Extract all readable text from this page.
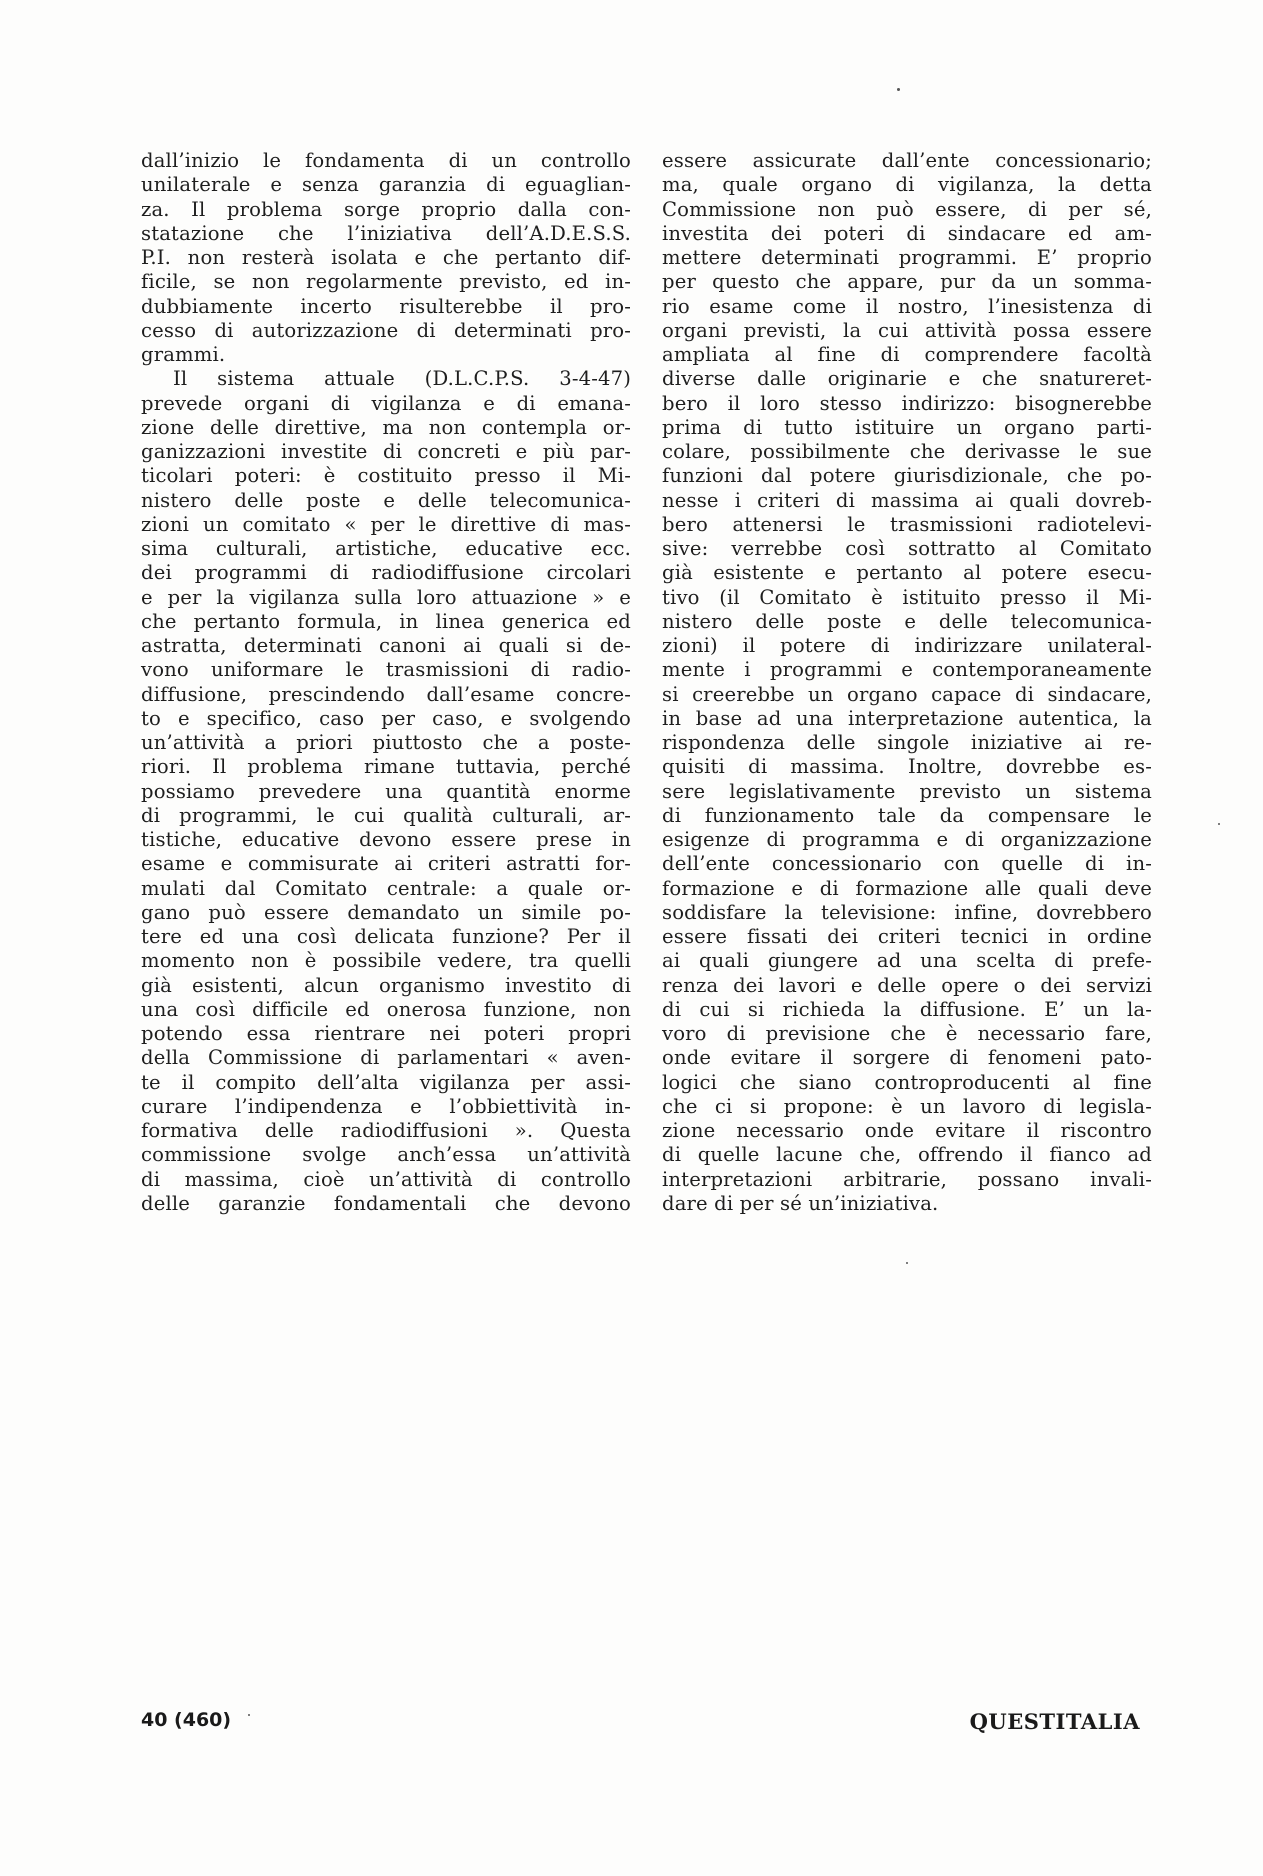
dall’inizio le fondamenta di un controllo
unilaterale e senza garanzia di eguaglian-
za. Il problema sorge proprio dalla con-
statazione che l’iniziativa dell’A.D.E.S.S.
P.I. non resterà isolata e che pertanto dif-
ficile, se non regolarmente previsto, ed in-
dubbiamente incerto risulterebbe il pro-
cesso di autorizzazione di determinati pro-
grammi.
Il sistema attuale (D.L.C.P.S. 3-4-47)
prevede organi di vigilanza e di emana-
zione delle direttive, ma non contempla or-
ganizzazioni investite di concreti e più par-
ticolari poteri: è costituito presso il Mi-
nistero delle poste e delle telecomunica-
zioni un comitato « per le direttive di mas-
sima culturali, artistiche, educative ecc.
dei programmi di radiodiffusione circolari
e per la vigilanza sulla loro attuazione » e
che pertanto formula, in linea generica ed
astratta, determinati canoni ai quali si de-
vono uniformare le trasmissioni di radio-
diffusione, prescindendo dall’esame concre-
to e specifico, caso per caso, e svolgendo
un’attività a priori piuttosto che a poste-
riori. Il problema rimane tuttavia, perché
possiamo prevedere una quantità enorme
di programmi, le cui qualità culturali, ar-
tistiche, educative devono essere prese in
esame e commisurate ai criteri astratti for-
mulati dal Comitato centrale: a quale or-
gano può essere demandato un simile po-
tere ed una così delicata funzione? Per il
momento non è possibile vedere, tra quelli
già esistenti, alcun organismo investito di
una così difficile ed onerosa funzione, non
potendo essa rientrare nei poteri propri
della Commissione di parlamentari « aven-
te il compito dell’alta vigilanza per assi-
curare l’indipendenza e l’obbiettività in-
formativa delle radiodiffusioni ». Questa
commissione svolge anch’essa un’attività
di massima, cioè un’attività di controllo
delle garanzie fondamentali che devono
essere assicurate dall’ente concessionario;
ma, quale organo di vigilanza, la detta
Commissione non può essere, di per sé,
investita dei poteri di sindacare ed am-
mettere determinati programmi. E’ proprio
per questo che appare, pur da un somma-
rio esame come il nostro, l’inesistenza di
organi previsti, la cui attività possa essere
ampliata al fine di comprendere facoltà
diverse dalle originarie e che snatureret-
bero il loro stesso indirizzo: bisognerebbe
prima di tutto istituire un organo parti-
colare, possibilmente che derivasse le sue
funzioni dal potere giurisdizionale, che po-
nesse i criteri di massima ai quali dovreb-
bero attenersi le trasmissioni radiotelevi-
sive: verrebbe così sottratto al Comitato
già esistente e pertanto al potere esecu-
tivo (il Comitato è istituito presso il Mi-
nistero delle poste e delle telecomunica-
zioni) il potere di indirizzare unilateral-
mente i programmi e contemporaneamente
si creerebbe un organo capace di sindacare,
in base ad una interpretazione autentica, la
rispondenza delle singole iniziative ai re-
quisiti di massima. Inoltre, dovrebbe es-
sere legislativamente previsto un sistema
di funzionamento tale da compensare le
esigenze di programma e di organizzazione
dell’ente concessionario con quelle di in-
formazione e di formazione alle quali deve
soddisfare la televisione: infine, dovrebbero
essere fissati dei criteri tecnici in ordine
ai quali giungere ad una scelta di prefe-
renza dei lavori e delle opere o dei servizi
di cui si richieda la diffusione. E’ un la-
voro di previsione che è necessario fare,
onde evitare il sorgere di fenomeni pato-
logici che siano controproducenti al fine
che ci si propone: è un lavoro di legisla-
zione necessario onde evitare il riscontro
di quelle lacune che, offrendo il fianco ad
interpretazioni arbitrarie, possano invali-
dare di per sé un’iniziativa.
40 (460)	QUESTITALIA
